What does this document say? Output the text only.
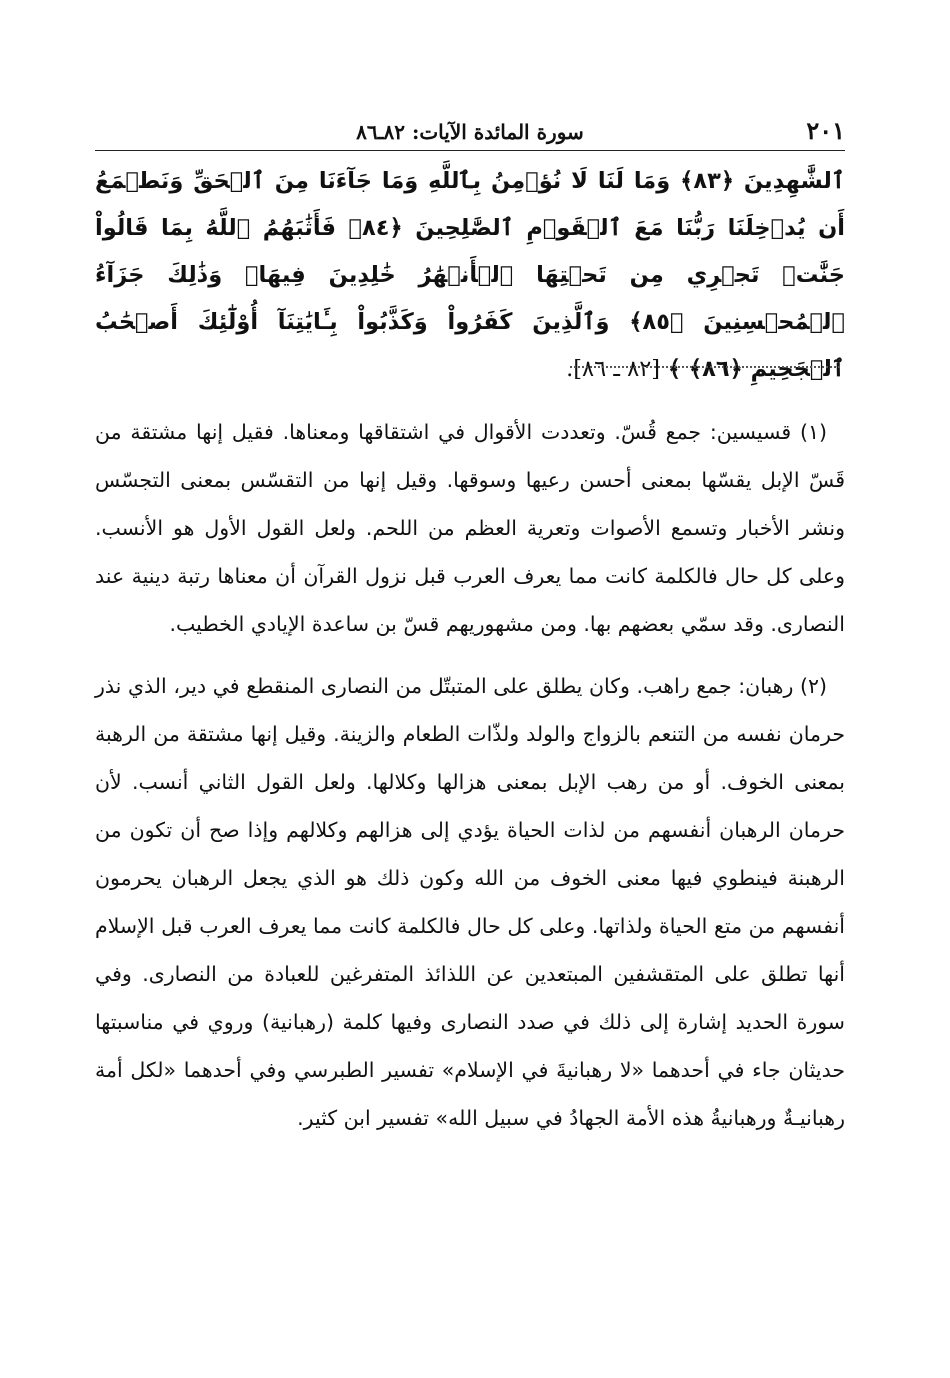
٢٠١
سورة المائدة الآيات: ٨٢ـ٨٦
ٱلشَّٰهِدِينَ ﴿٨٣﴾ وَمَا لَنَا لَا نُؤۡمِنُ بِٱللَّهِ وَمَا جَآءَنَا مِنَ ٱلۡحَقِّ وَنَطۡمَعُ أَن يُدۡخِلَنَا رَبُّنَا مَعَ ٱلۡقَوۡمِ ٱلصَّٰلِحِينَ ﴿٨٤﴾ فَأَثَٰبَهُمُ ٱللَّهُ بِمَا قَالُواْ جَنَّٰتٖ تَجۡرِي مِن تَحۡتِهَا ٱلۡأَنۡهَٰرُ خَٰلِدِينَ فِيهَاۚ وَذَٰلِكَ جَزَآءُ ٱلۡمُحۡسِنِينَ ﴿٨٥﴾ وَٱلَّذِينَ كَفَرُواْ وَكَذَّبُواْ بِـَٔايَٰتِنَآ أُوْلَٰٓئِكَ أَصۡحَٰبُ ٱلۡجَحِيمِ ﴿٨٦﴾ ﴾ [٨٢ ـ ٨٦].

(١) قسيسين: جمع قُسّ. وتعددت الأقوال في اشتقاقها ومعناها. فقيل إنها مشتقة من قَسّ الإبل يقسّها بمعنى أحسن رعيها وسوقها. وقيل إنها من التقسّس بمعنى التجسّس ونشر الأخبار وتسمع الأصوات وتعرية العظم من اللحم. ولعل القول الأول هو الأنسب. وعلى كل حال فالكلمة كانت مما يعرف العرب قبل نزول القرآن أن معناها رتبة دينية عند النصارى. وقد سمّي بعضهم بها. ومن مشهوريهم قسّ بن ساعدة الإيادي الخطيب.

(٢) رهبان: جمع راهب. وكان يطلق على المتبتّل من النصارى المنقطع في دير، الذي نذر حرمان نفسه من التنعم بالزواج والولد ولذّات الطعام والزينة. وقيل إنها مشتقة من الرهبة بمعنى الخوف. أو من رهب الإبل بمعنى هزالها وكلالها. ولعل القول الثاني أنسب. لأن حرمان الرهبان أنفسهم من لذات الحياة يؤدي إلى هزالهم وكلالهم وإذا صح أن تكون من الرهبنة فينطوي فيها معنى الخوف من الله وكون ذلك هو الذي يجعل الرهبان يحرمون أنفسهم من متع الحياة ولذاتها. وعلى كل حال فالكلمة كانت مما يعرف العرب قبل الإسلام أنها تطلق على المتقشفين المبتعدين عن اللذائذ المتفرغين للعبادة من النصارى. وفي سورة الحديد إشارة إلى ذلك في صدد النصارى وفيها كلمة (رهبانية) وروي في مناسبتها حديثان جاء في أحدهما «لا رهبانيةَ في الإسلام» تفسير الطبرسي وفي أحدهما «لكل أمة رهبانيـةٌ ورهبانيةُ هذه الأمة الجهادُ في سبيل الله» تفسير ابن كثير.
